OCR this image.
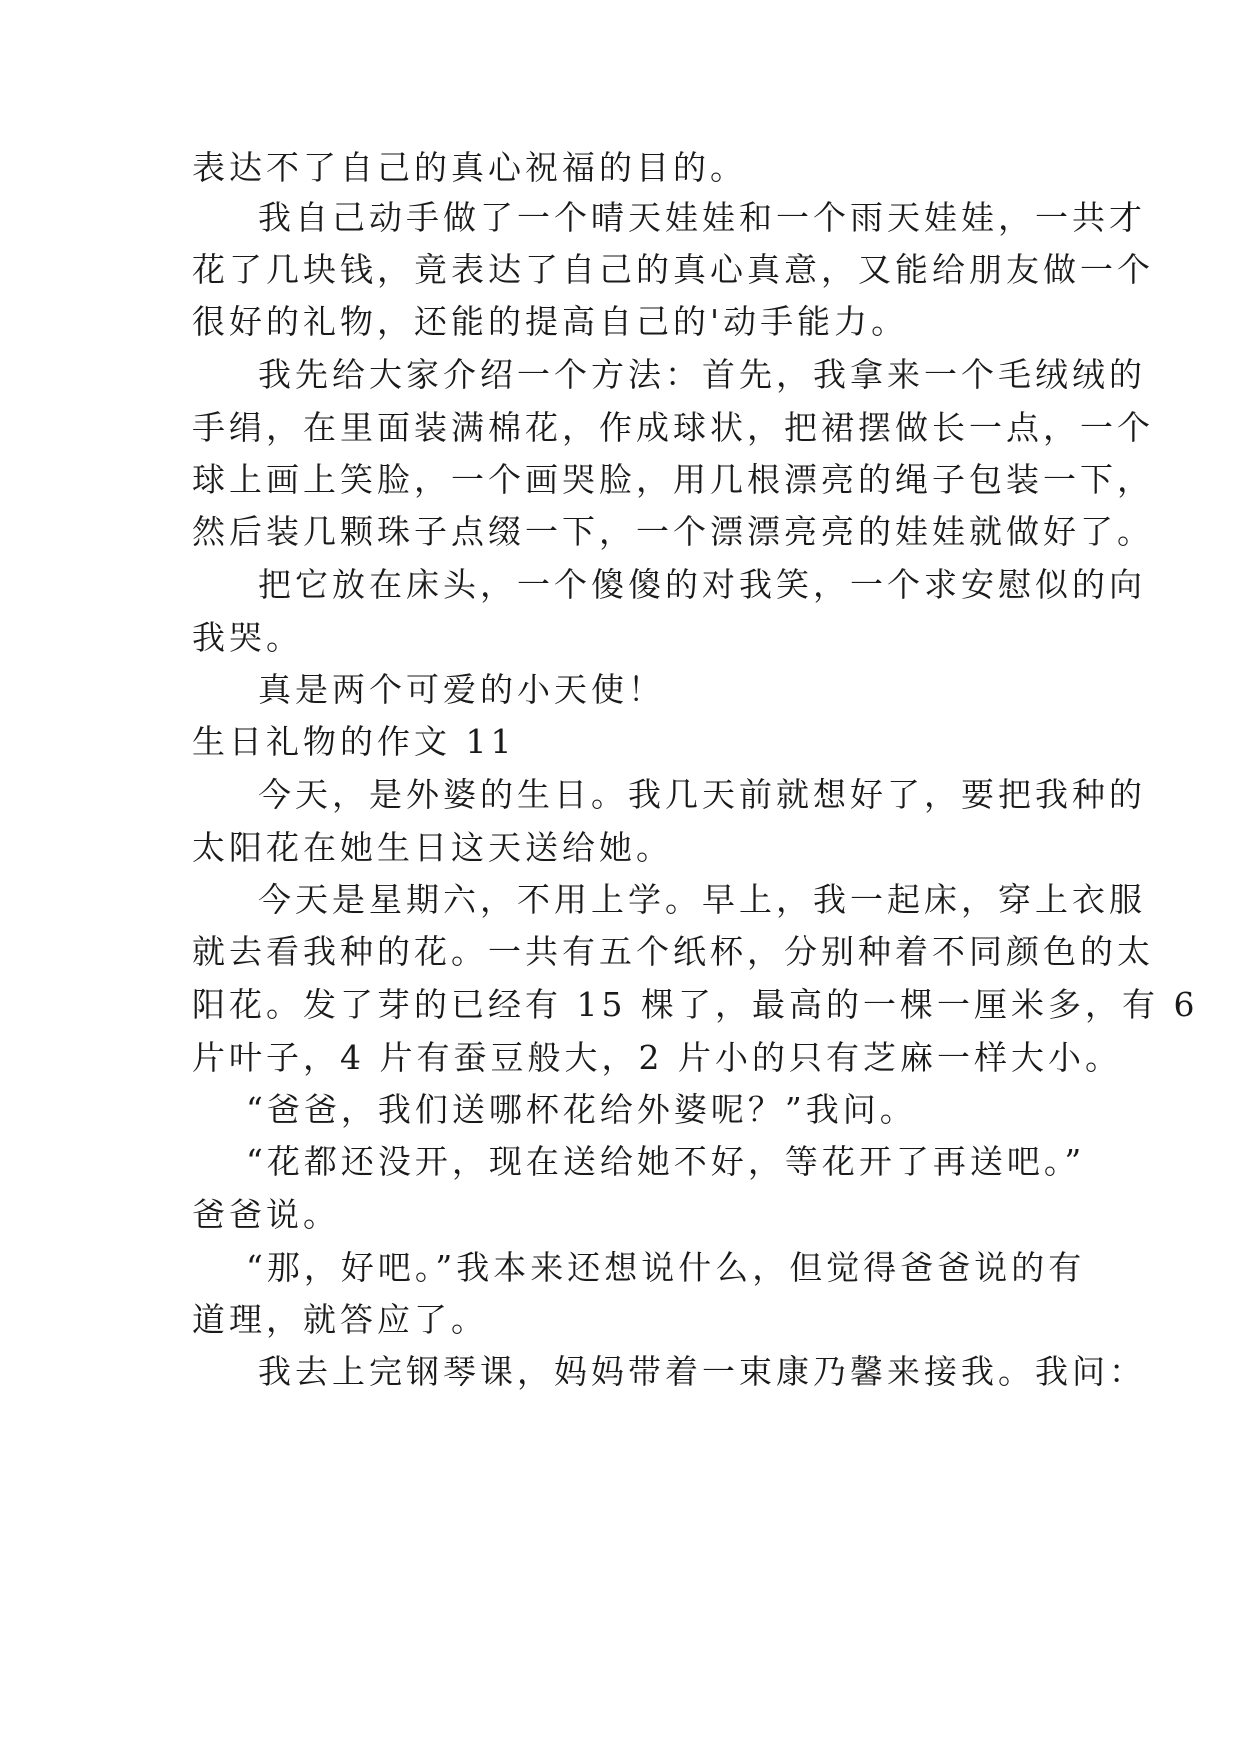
表达不了自己的真心祝福的目的。

我自己动手做了一个晴天娃娃和一个雨天娃娃，一共才

花了几块钱，竟表达了自己的真心真意，又能给朋友做一个

很好的礼物，还能的提高自己的'动手能力。

我先给大家介绍一个方法：首先，我拿来一个毛绒绒的

手绢，在里面装满棉花，作成球状，把裙摆做长一点，一个

球上画上笑脸，一个画哭脸，用几根漂亮的绳子包装一下，

然后装几颗珠子点缀一下，一个漂漂亮亮的娃娃就做好了。

把它放在床头，一个傻傻的对我笑，一个求安慰似的向

我哭。

真是两个可爱的小天使！

生日礼物的作文 11

今天，是外婆的生日。我几天前就想好了，要把我种的

太阳花在她生日这天送给她。

今天是星期六，不用上学。早上，我一起床，穿上衣服

就去看我种的花。一共有五个纸杯，分别种着不同颜色的太

阳花。发了芽的已经有 15 棵了，最高的一棵一厘米多，有 6

片叶子，4 片有蚕豆般大，2 片小的只有芝麻一样大小。

“爸爸，我们送哪杯花给外婆呢？”我问。

“花都还没开，现在送给她不好，等花开了再送吧。”

爸爸说。

“那，好吧。”我本来还想说什么，但觉得爸爸说的有

道理，就答应了。

我去上完钢琴课，妈妈带着一束康乃馨来接我。我问：
